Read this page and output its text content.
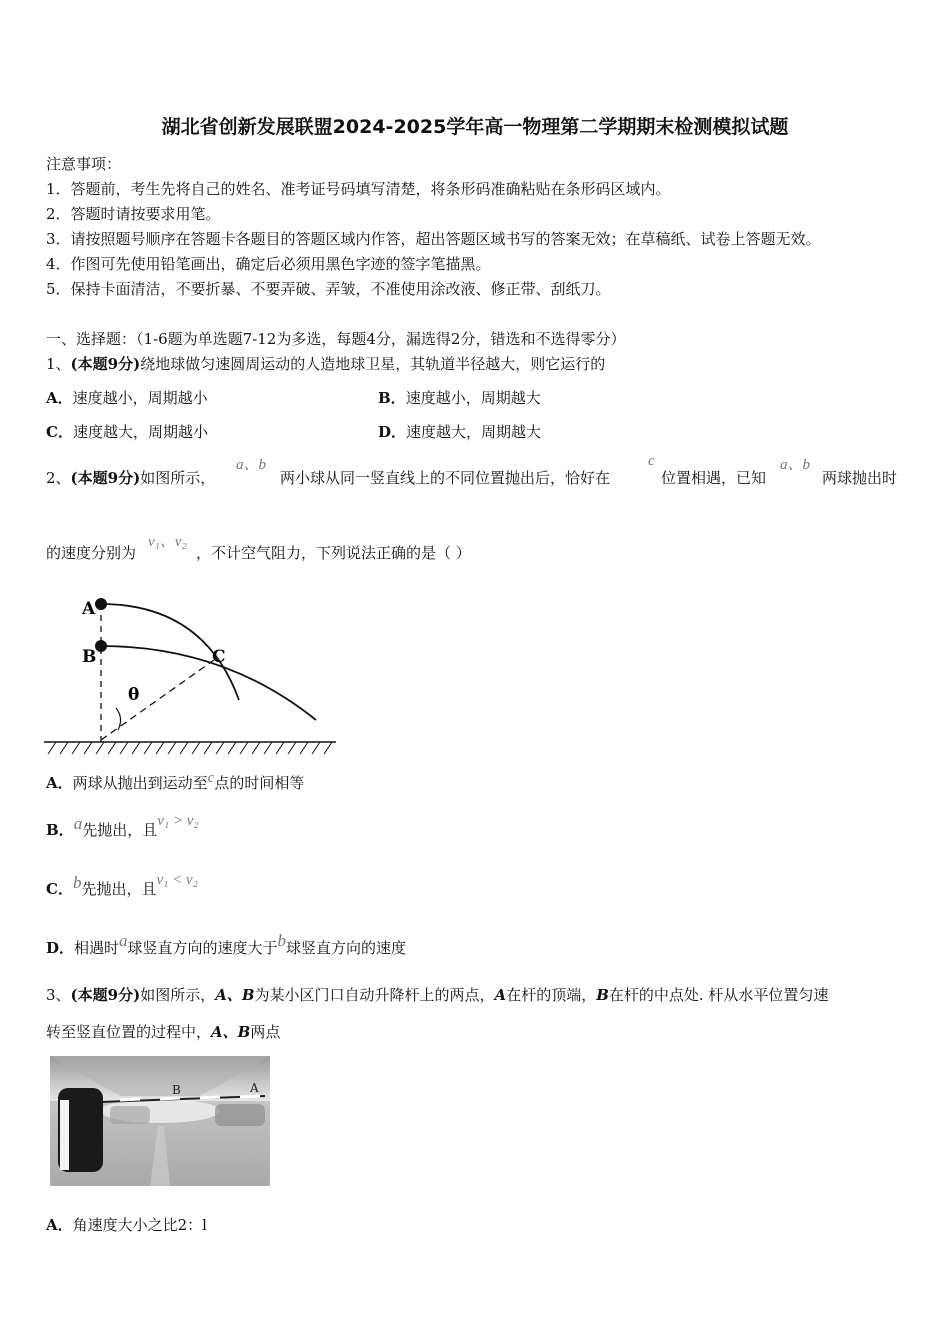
湖北省创新发展联盟2024-2025学年高一物理第二学期期末检测模拟试题
注意事项：
1．答题前，考生先将自己的姓名、准考证号码填写清楚，将条形码准确粘贴在条形码区域内。
2．答题时请按要求用笔。
3．请按照题号顺序在答题卡各题目的答题区域内作答，超出答题区域书写的答案无效；在草稿纸、试卷上答题无效。
4．作图可先使用铅笔画出，确定后必须用黑色字迹的签字笔描黑。
5．保持卡面清洁，不要折暴、不要弄破、弄皱，不准使用涂改液、修正带、刮纸刀。
一、选择题：（1-6题为单选题7-12为多选，每题4分，漏选得2分，错选和不选得零分）
1、(本题9分)绕地球做匀速圆周运动的人造地球卫星，其轨道半径越大，则它运行的
A．速度越小，周期越小	B．速度越小，周期越大
C．速度越大，周期越小	D．速度越大，周期越大
2、(本题9分)如图所示，
a、b
两小球从同一竖直线上的不同位置抛出后，恰好在
c
位置相遇，已知
a、b
两球抛出时
的速度分别为
v₁、v₂
，不计空气阻力，下列说法正确的是（ ）
A
B	C
θ
A．两球从抛出到运动至c点的时间相等
B．a先抛出，且v₁ > v₂
C．b先抛出，且v₁ < v₂
D．相遇时a球竖直方向的速度大于b球竖直方向的速度
3、(本题9分)如图所示，A、B为某小区门口自动升降杆上的两点，A在杆的顶端，B在杆的中点处. 杆从水平位置匀速
转至竖直位置的过程中，A、B两点
B	A
A．角速度大小之比2：l
